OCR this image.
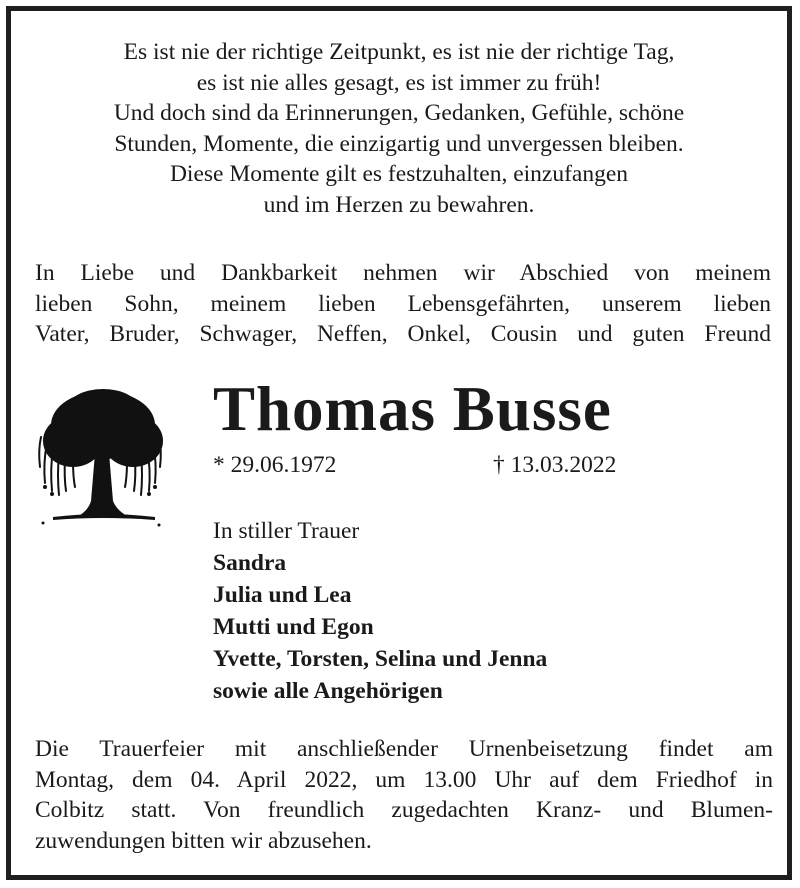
Es ist nie der richtige Zeitpunkt, es ist nie der richtige Tag,
es ist nie alles gesagt, es ist immer zu früh!
Und doch sind da Erinnerungen, Gedanken, Gefühle, schöne
Stunden, Momente, die einzigartig und unvergessen bleiben.
Diese Momente gilt es festzuhalten, einzufangen
und im Herzen zu bewahren.
In Liebe und Dankbarkeit nehmen wir Abschied von meinem
lieben Sohn, meinem lieben Lebensgefährten, unserem lieben
Vater, Bruder, Schwager, Neffen, Onkel, Cousin und guten Freund
Thomas Busse
* 29.06.1972	† 13.03.2022
In stiller Trauer
Sandra
Julia und Lea
Mutti und Egon
Yvette, Torsten, Selina und Jenna
sowie alle Angehörigen
Die Trauerfeier mit anschließender Urnenbeisetzung findet am
Montag, dem 04. April 2022, um 13.00 Uhr auf dem Friedhof in
Colbitz statt. Von freundlich zugedachten Kranz- und Blumen-
zuwendungen bitten wir abzusehen.
